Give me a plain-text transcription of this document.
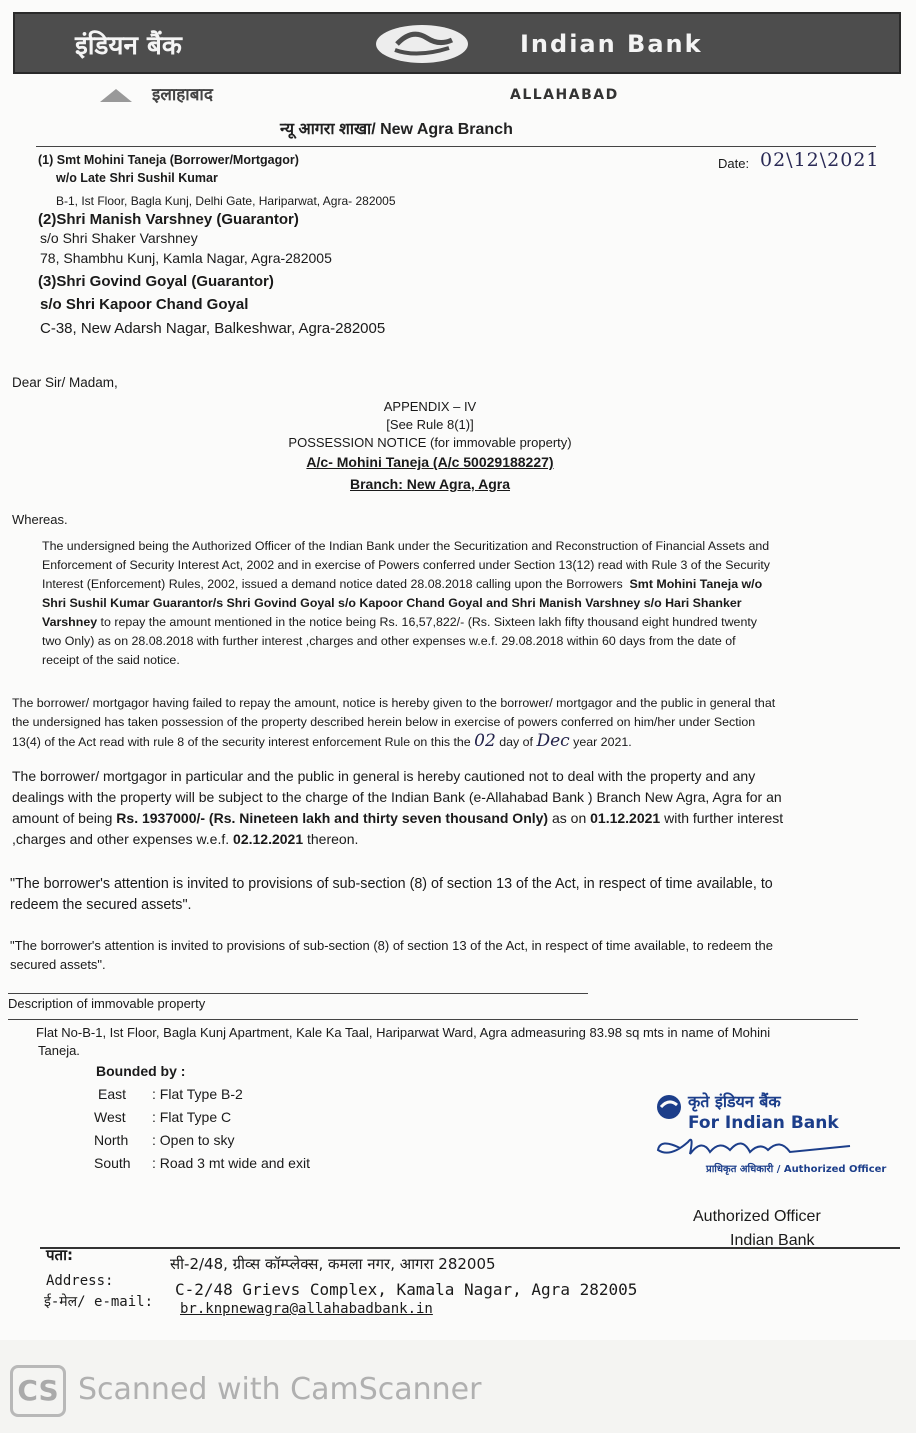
इंडियन बैंक	Indian Bank
इलाहाबाद	ALLAHABAD
न्यू आगरा शाखा/ New Agra Branch
(1) Smt Mohini Taneja (Borrower/Mortgagor)
w/o Late Shri Sushil Kumar
B-1, Ist Floor, Bagla Kunj, Delhi Gate, Hariparwat, Agra- 282005
Date: 02\12\2021
(2)Shri Manish Varshney (Guarantor)
s/o Shri Shaker Varshney
78, Shambhu Kunj, Kamla Nagar, Agra-282005
(3)Shri Govind Goyal (Guarantor)
s/o Shri Kapoor Chand Goyal
C-38, New Adarsh Nagar, Balkeshwar, Agra-282005
Dear Sir/ Madam,
APPENDIX – IV
[See Rule 8(1)]
POSSESSION NOTICE (for immovable property)
A/c- Mohini Taneja (A/c 50029188227)
Branch: New Agra, Agra
Whereas.
The undersigned being the Authorized Officer of the Indian Bank under the Securitization and Reconstruction of Financial Assets and
Enforcement of Security Interest Act, 2002 and in exercise of Powers conferred under Section 13(12) read with Rule 3 of the Security
Interest (Enforcement) Rules, 2002, issued a demand notice dated 28.08.2018 calling upon the Borrowers Smt Mohini Taneja w/o
Shri Sushil Kumar Guarantor/s Shri Govind Goyal s/o Kapoor Chand Goyal and Shri Manish Varshney s/o Hari Shanker
Varshney to repay the amount mentioned in the notice being Rs. 16,57,822/- (Rs. Sixteen lakh fifty thousand eight hundred twenty
two Only) as on 28.08.2018 with further interest ,charges and other expenses w.e.f. 29.08.2018 within 60 days from the date of
receipt of the said notice.
The borrower/ mortgagor having failed to repay the amount, notice is hereby given to the borrower/ mortgagor and the public in general that
the undersigned has taken possession of the property described herein below in exercise of powers conferred on him/her under Section
13(4) of the Act read with rule 8 of the security interest enforcement Rule on this the 02 day of Dec year 2021.
The borrower/ mortgagor in particular and the public in general is hereby cautioned not to deal with the property and any
dealings with the property will be subject to the charge of the Indian Bank (e-Allahabad Bank ) Branch New Agra, Agra for an
amount of being Rs. 1937000/- (Rs. Nineteen lakh and thirty seven thousand Only) as on 01.12.2021 with further interest
,charges and other expenses w.e.f. 02.12.2021 thereon.
"The borrower's attention is invited to provisions of sub-section (8) of section 13 of the Act, in respect of time available, to
redeem the secured assets".
"The borrower's attention is invited to provisions of sub-section (8) of section 13 of the Act, in respect of time available, to redeem the
secured assets".
Description of immovable property
Flat No-B-1, Ist Floor, Bagla Kunj Apartment, Kale Ka Taal, Hariparwat Ward, Agra admeasuring 83.98 sq mts in name of Mohini
Taneja.
Bounded by :
East : Flat Type B-2
West : Flat Type C
North : Open to sky
South : Road 3 mt wide and exit
कृते इंडियन बैंक
For Indian Bank
प्राधिकृत अधिकारी / Authorized Officer
Authorized Officer
Indian Bank
पता:	सी-2/48, ग्रीव्स कॉम्प्लेक्स, कमला नगर, आगरा 282005
Address:	C-2/48 Grievs Complex, Kamala Nagar, Agra 282005
ई-मेल/ e-mail: br.knpnewagra@allahabadbank.in
CS Scanned with CamScanner
